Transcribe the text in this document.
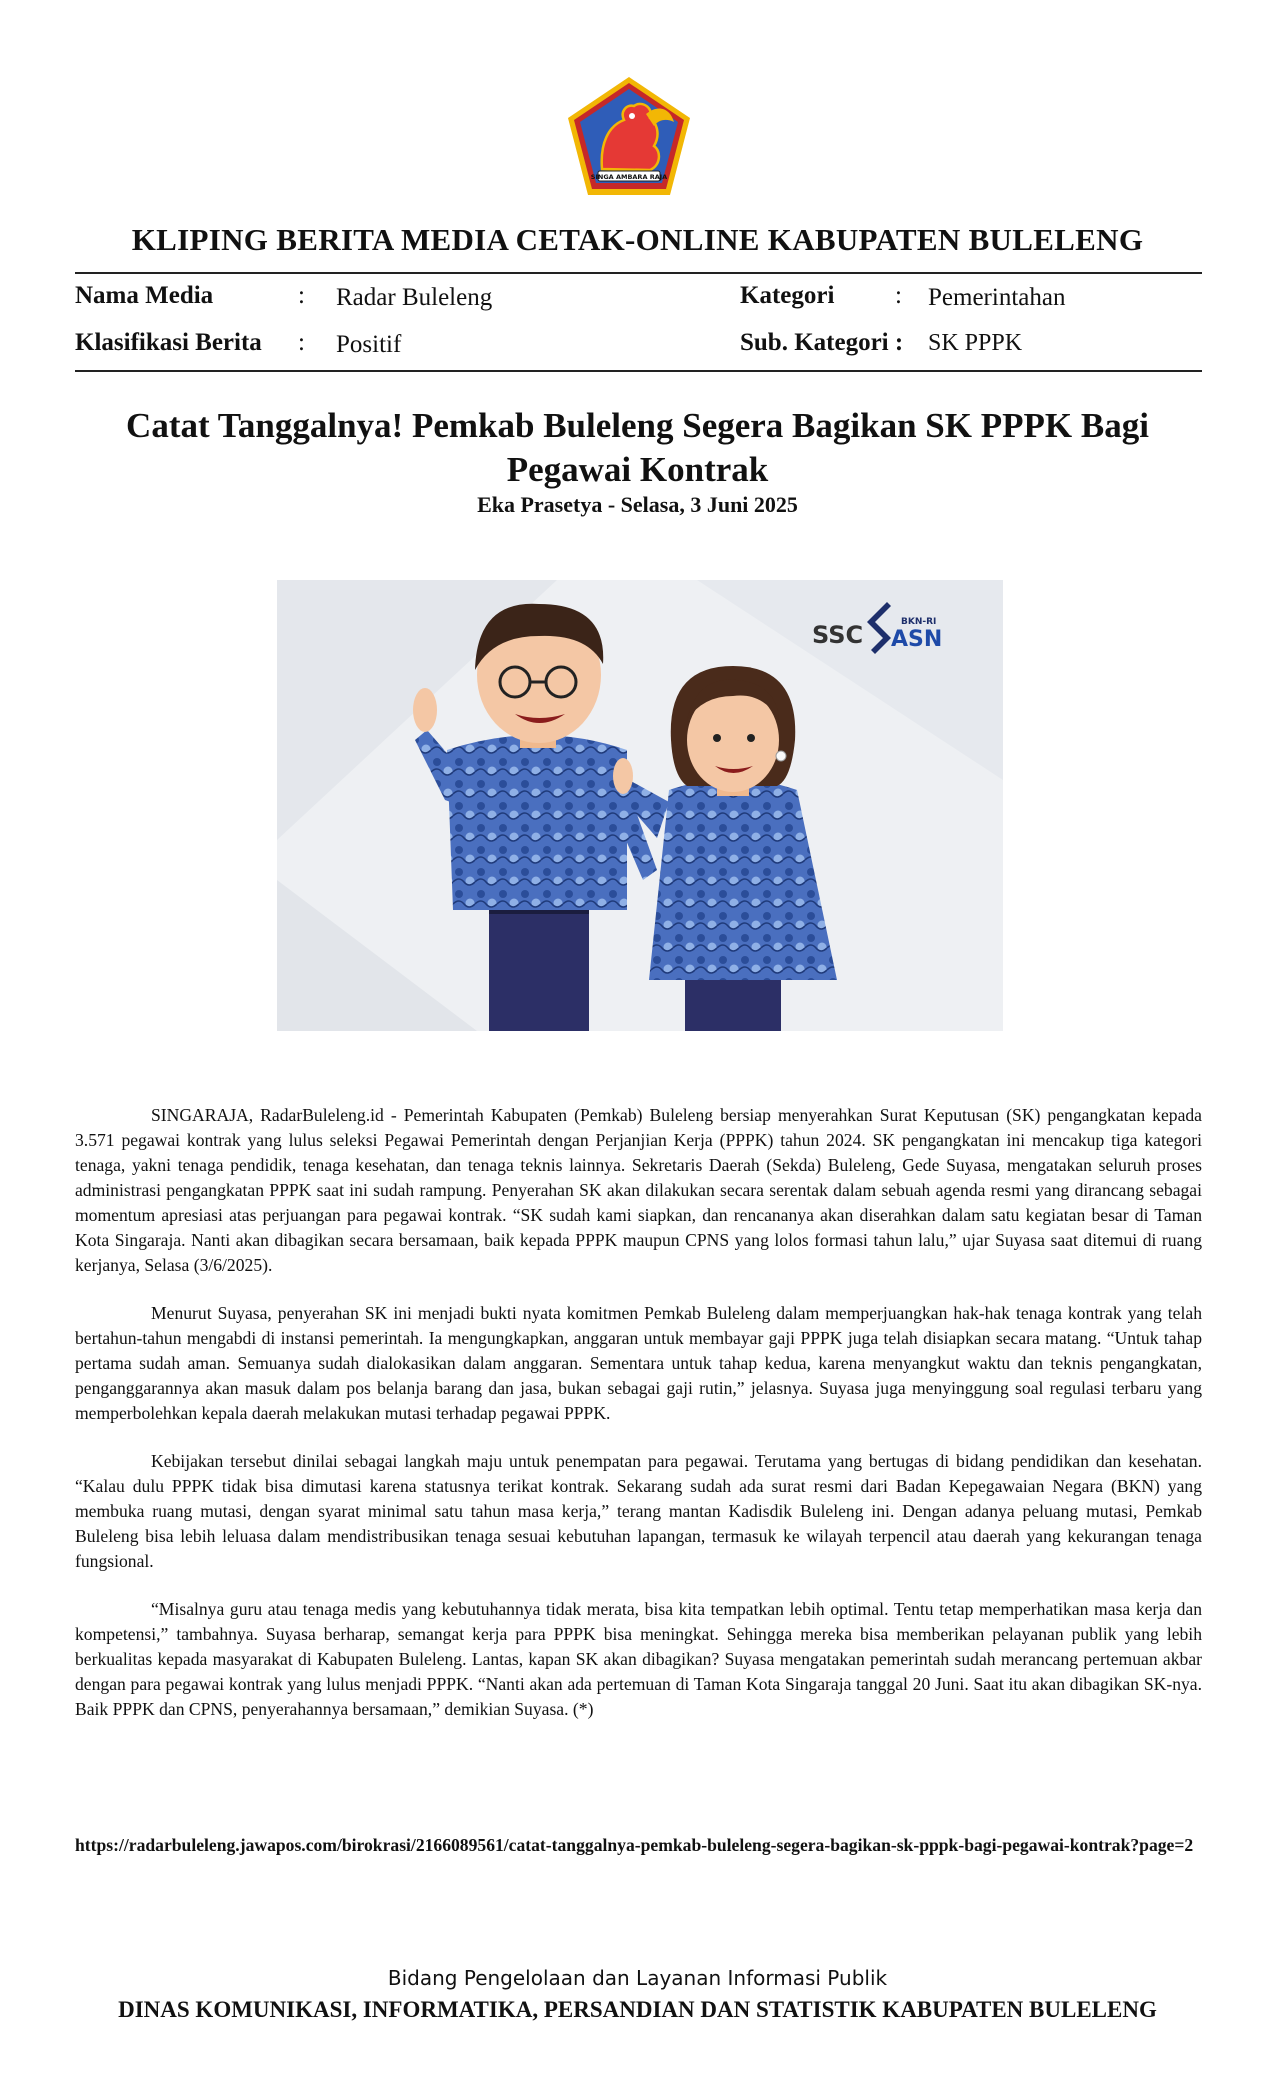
SINGA AMBARA RAJA
KLIPING BERITA MEDIA CETAK-ONLINE KABUPATEN BULELENG
Nama Media	: Radar Buleleng
Klasifikasi Berita : Positif
Kategori : Pemerintahan
Sub. Kategori : SK PPPK
Catat Tanggalnya! Pemkab Buleleng Segera Bagikan SK PPPK Bagi Pegawai Kontrak
Eka Prasetya - Selasa, 3 Juni 2025
SSC	BKN-RI
ASN

SINGARAJA, RadarBuleleng.id - Pemerintah Kabupaten (Pemkab) Buleleng bersiap menyerahkan Surat Keputusan (SK) pengangkatan kepada 3.571 pegawai kontrak yang lulus seleksi Pegawai Pemerintah dengan Perjanjian Kerja (PPPK) tahun 2024. SK pengangkatan ini mencakup tiga kategori tenaga, yakni tenaga pendidik, tenaga kesehatan, dan tenaga teknis lainnya. Sekretaris Daerah (Sekda) Buleleng, Gede Suyasa, mengatakan seluruh proses administrasi pengangkatan PPPK saat ini sudah rampung. Penyerahan SK akan dilakukan secara serentak dalam sebuah agenda resmi yang dirancang sebagai momentum apresiasi atas perjuangan para pegawai kontrak. “SK sudah kami siapkan, dan rencananya akan diserahkan dalam satu kegiatan besar di Taman Kota Singaraja. Nanti akan dibagikan secara bersamaan, baik kepada PPPK maupun CPNS yang lolos formasi tahun lalu,” ujar Suyasa saat ditemui di ruang kerjanya, Selasa (3/6/2025).

Menurut Suyasa, penyerahan SK ini menjadi bukti nyata komitmen Pemkab Buleleng dalam memperjuangkan hak-hak tenaga kontrak yang telah bertahun-tahun mengabdi di instansi pemerintah. Ia mengungkapkan, anggaran untuk membayar gaji PPPK juga telah disiapkan secara matang. “Untuk tahap pertama sudah aman. Semuanya sudah dialokasikan dalam anggaran. Sementara untuk tahap kedua, karena menyangkut waktu dan teknis pengangkatan, penganggarannya akan masuk dalam pos belanja barang dan jasa, bukan sebagai gaji rutin,” jelasnya. Suyasa juga menyinggung soal regulasi terbaru yang memperbolehkan kepala daerah melakukan mutasi terhadap pegawai PPPK.

Kebijakan tersebut dinilai sebagai langkah maju untuk penempatan para pegawai. Terutama yang bertugas di bidang pendidikan dan kesehatan. “Kalau dulu PPPK tidak bisa dimutasi karena statusnya terikat kontrak. Sekarang sudah ada surat resmi dari Badan Kepegawaian Negara (BKN) yang membuka ruang mutasi, dengan syarat minimal satu tahun masa kerja,” terang mantan Kadisdik Buleleng ini. Dengan adanya peluang mutasi, Pemkab Buleleng bisa lebih leluasa dalam mendistribusikan tenaga sesuai kebutuhan lapangan, termasuk ke wilayah terpencil atau daerah yang kekurangan tenaga fungsional.

“Misalnya guru atau tenaga medis yang kebutuhannya tidak merata, bisa kita tempatkan lebih optimal. Tentu tetap memperhatikan masa kerja dan kompetensi,” tambahnya. Suyasa berharap, semangat kerja para PPPK bisa meningkat. Sehingga mereka bisa memberikan pelayanan publik yang lebih berkualitas kepada masyarakat di Kabupaten Buleleng. Lantas, kapan SK akan dibagikan? Suyasa mengatakan pemerintah sudah merancang pertemuan akbar dengan para pegawai kontrak yang lulus menjadi PPPK. “Nanti akan ada pertemuan di Taman Kota Singaraja tanggal 20 Juni. Saat itu akan dibagikan SK-nya. Baik PPPK dan CPNS, penyerahannya bersamaan,” demikian Suyasa. (*)

https://radarbuleleng.jawapos.com/birokrasi/2166089561/catat-tanggalnya-pemkab-buleleng-segera-bagikan-sk-pppk-bagi-pegawai-kontrak?page=2
Bidang Pengelolaan dan Layanan Informasi Publik
DINAS KOMUNIKASI, INFORMATIKA, PERSANDIAN DAN STATISTIK KABUPATEN BULELENG
